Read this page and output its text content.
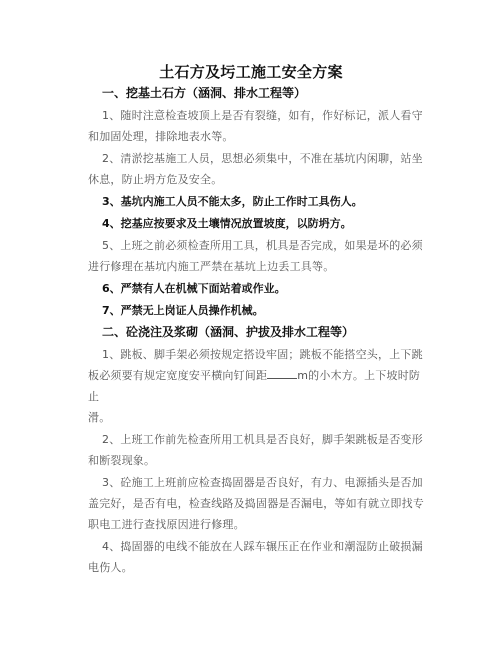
土石方及圬工施工安全方案
一、挖基土石方（涵洞、排水工程等）
1、随时注意检查坡顶上是否有裂缝，如有，作好标记，派人看守
和加固处理，排除地表水等。
2、清淤挖基施工人员，思想必须集中，不准在基坑内闲聊，站坐
休息，防止坍方危及安全。
3、基坑内施工人员不能太多，防止工作时工具伤人。
4、挖基应按要求及土壤情况放置坡度，以防坍方。
5、上班之前必须检查所用工具，机具是否完成，如果是坏的必须
进行修理在基坑内施工严禁在基坑上边丢工具等。
6、严禁有人在机械下面站着或作业。
7、严禁无上岗证人员操作机械。
二、砼浇注及浆砌（涵洞、护拔及排水工程等）
1、跳板、脚手架必须按规定搭设牢固；跳板不能搭空头，上下跳
板必须要有规定宽度安平横向钉间距	m的小木方。上下坡时防止
滑。
2、上班工作前先检查所用工机具是否良好，脚手架跳板是否变形
和断裂现象。
3、砼施工上班前应检查捣固器是否良好，有力、电源插头是否加
盖完好，是否有电，检查线路及捣固器是否漏电，等如有就立即找专
职电工进行查找原因进行修理。
4、捣固器的电线不能放在人踩车辗压正在作业和潮湿防止破损漏
电伤人。
